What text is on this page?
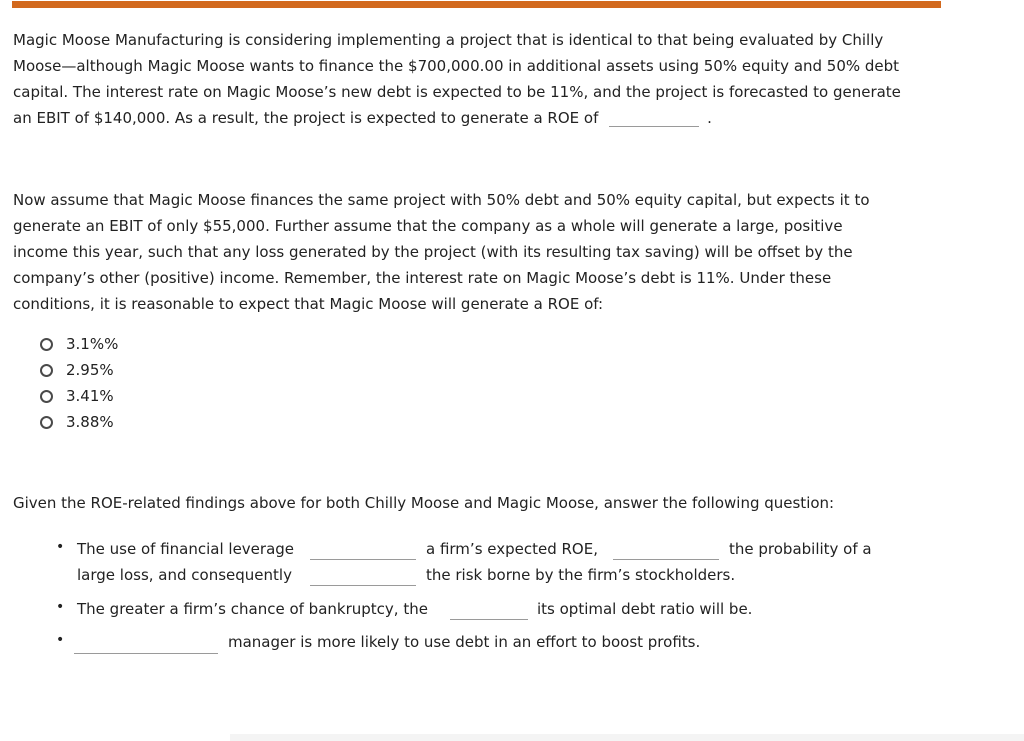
Magic Moose Manufacturing is considering implementing a project that is identical to that being evaluated by Chilly
Moose—although Magic Moose wants to finance the $700,000.00 in additional assets using 50% equity and 50% debt
capital. The interest rate on Magic Moose’s new debt is expected to be 11%, and the project is forecasted to generate
an EBIT of $140,000. As a result, the project is expected to generate a ROE of	.

Now assume that Magic Moose finances the same project with 50% debt and 50% equity capital, but expects it to
generate an EBIT of only $55,000. Further assume that the company as a whole will generate a large, positive
income this year, such that any loss generated by the project (with its resulting tax saving) will be offset by the
company’s other (positive) income. Remember, the interest rate on Magic Moose’s debt is 11%. Under these
conditions, it is reasonable to expect that Magic Moose will generate a ROE of:

3.1%%
2.95%
3.41%
3.88%
Given the ROE-related findings above for both Chilly Moose and Magic Moose, answer the following question:
• The use of financial leverage	a firm’s expected ROE,	the probability of a
large loss, and consequently	the risk borne by the firm’s stockholders.
• The greater a firm’s chance of bankruptcy, the	its optimal debt ratio will be.
•	manager is more likely to use debt in an effort to boost profits.
